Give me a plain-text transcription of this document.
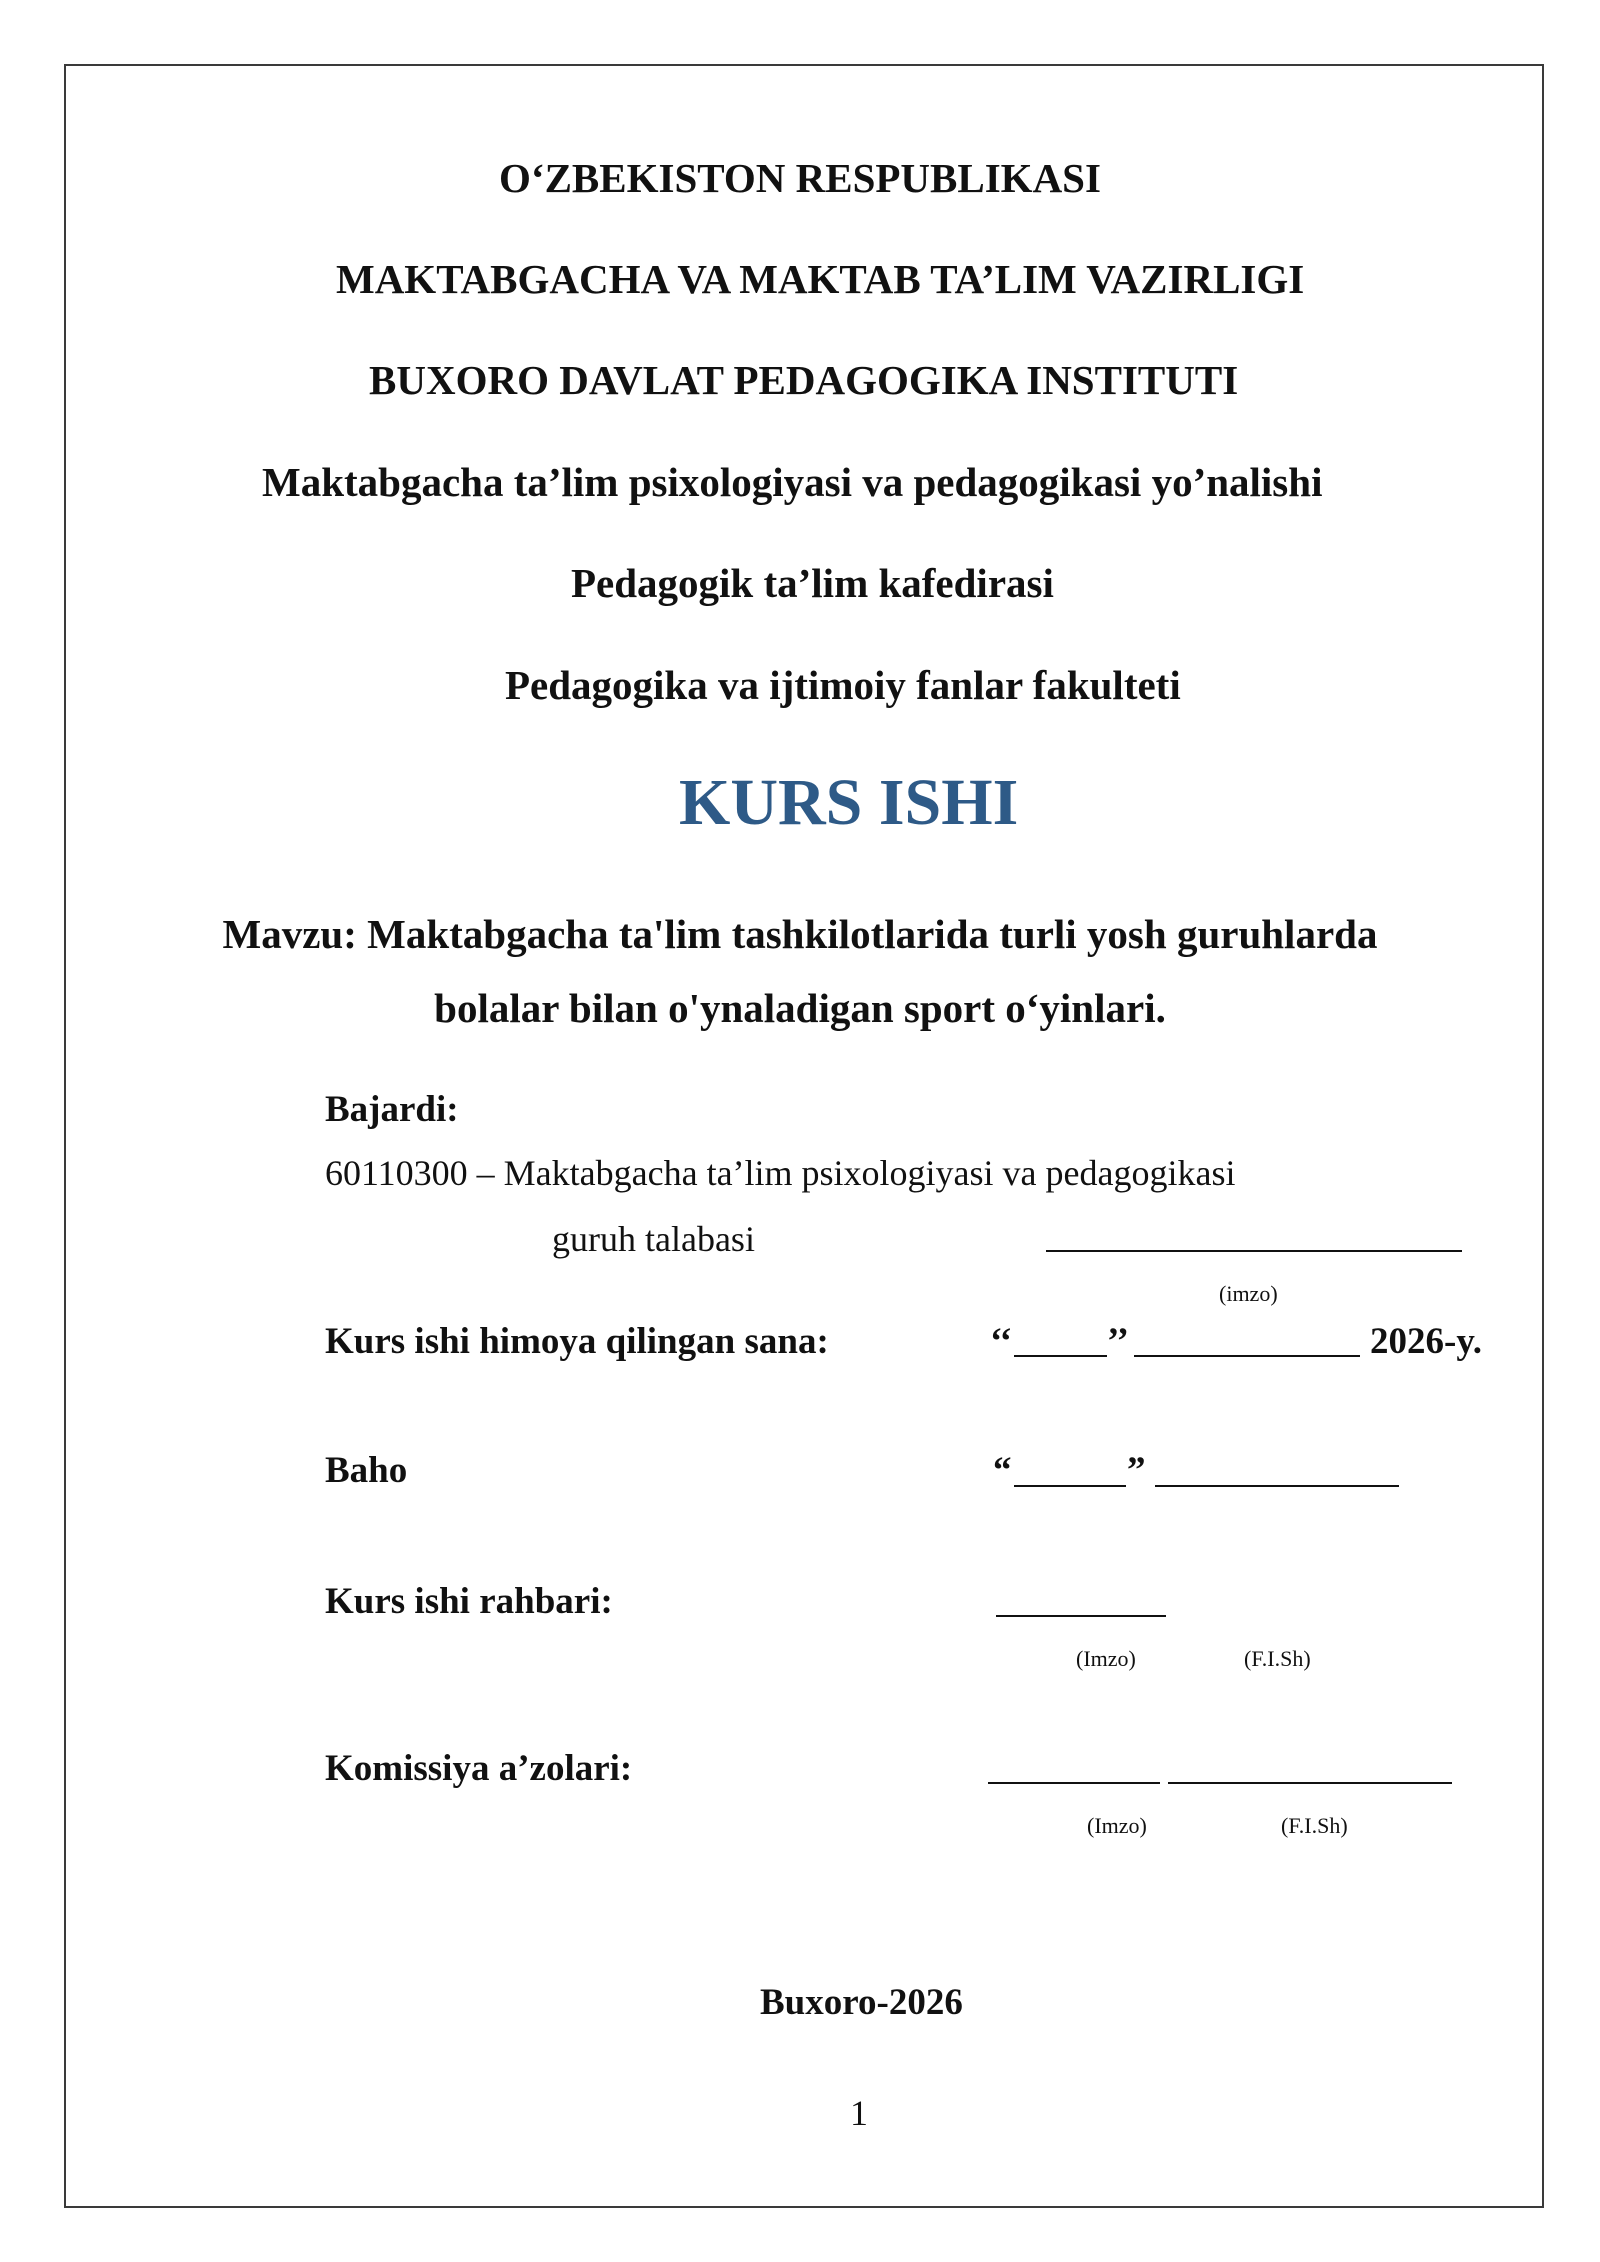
O‘ZBEKISTON RESPUBLIKASI
MAKTABGACHA VA MAKTAB TA’LIM VAZIRLIGI
BUXORO DAVLAT PEDAGOGIKA INSTITUTI
Maktabgacha ta’lim psixologiyasi va pedagogikasi yo’nalishi
Pedagogik ta’lim kafedirasi
Pedagogika va ijtimoiy fanlar fakulteti
KURS ISHI
Mavzu: Maktabgacha ta'lim tashkilotlarida turli yosh guruhlarda
bolalar bilan o'ynaladigan sport o‘yinlari.
Bajardi:
60110300 – Maktabgacha ta’lim psixologiyasi va pedagogikasi
guruh talabasi
(imzo)
Kurs ishi himoya qilingan sana:	‘‘	’’	2026-y.
Baho	“	”
Kurs ishi rahbari:
(Imzo)	(F.I.Sh)
Komissiya a’zolari:
(Imzo)	(F.I.Sh)
Buxoro-2026
1
